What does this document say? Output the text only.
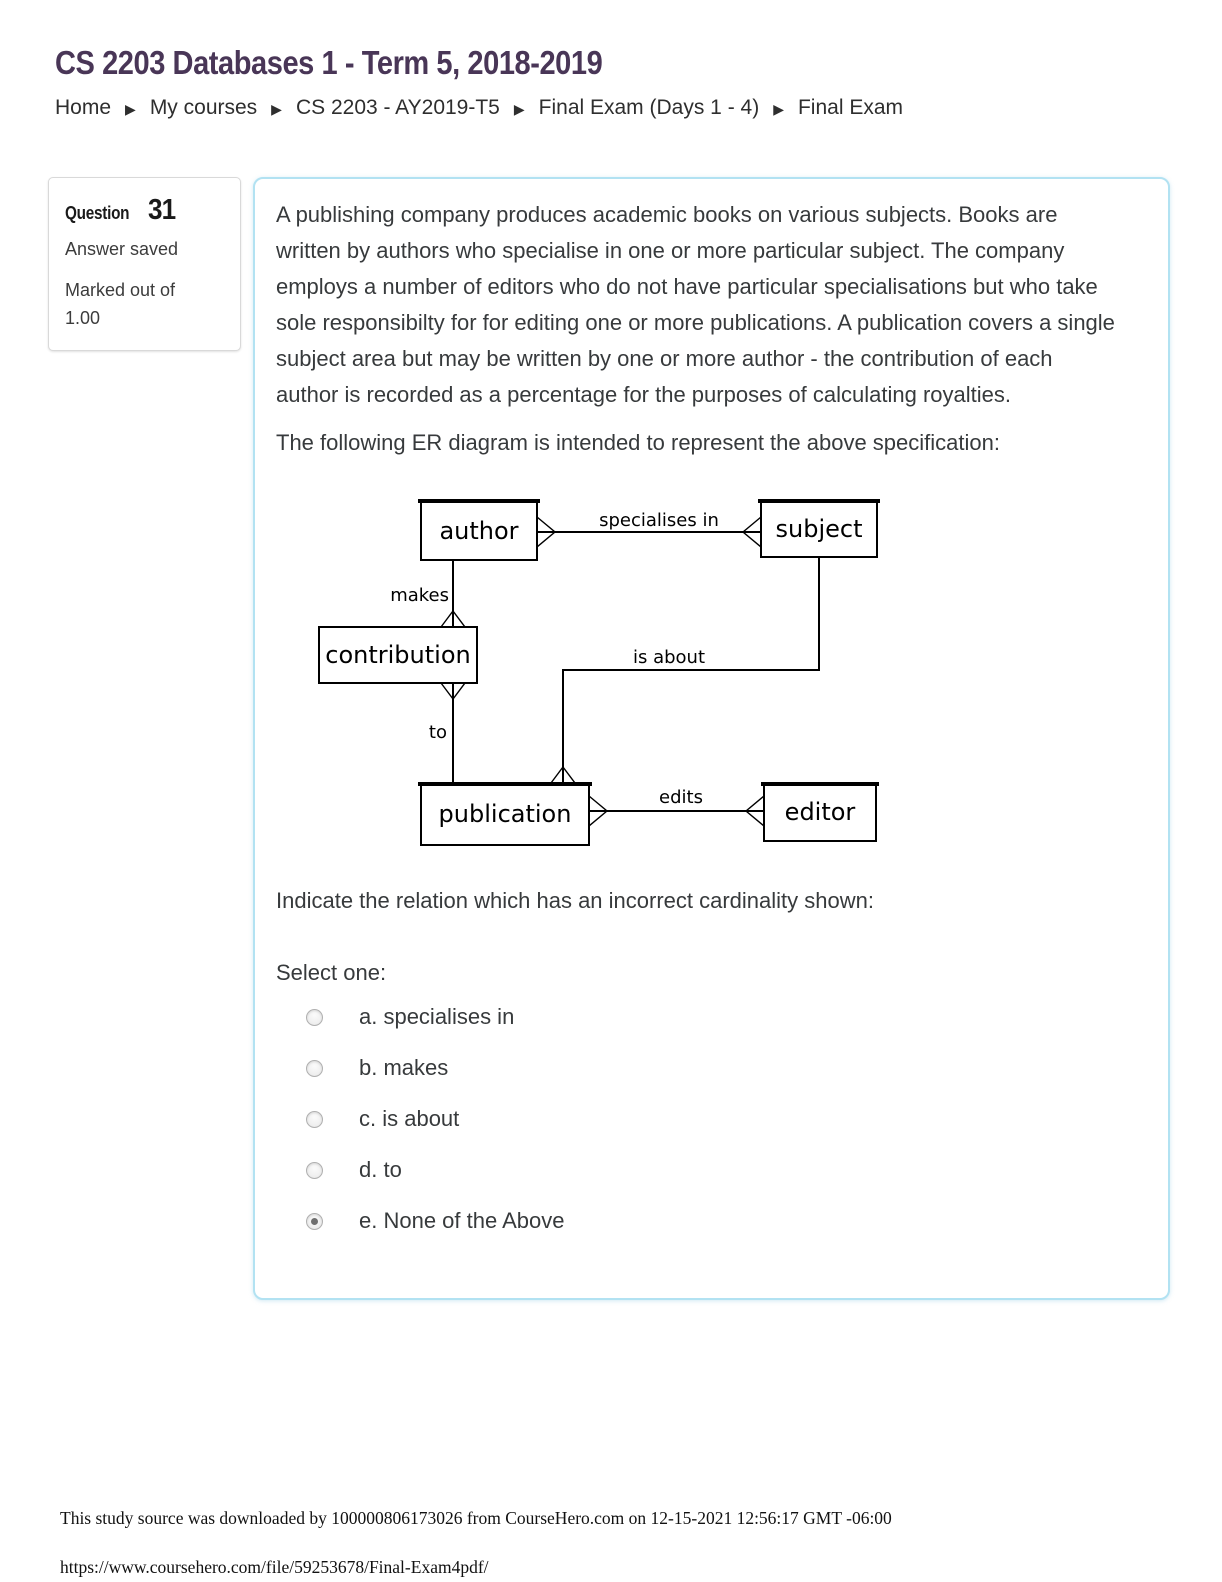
CS 2203 Databases 1 - Term 5, 2018-2019
Home ▶ My courses ▶ CS 2203 - AY2019-T5 ▶ Final Exam (Days 1 - 4) ▶ Final Exam
Question 31
Answer saved
Marked out of 1.00

A publishing company produces academic books on various subjects. Books are written by authors who specialise in one or more particular subject. The company employs a number of editors who do not have particular specialisations but who take sole responsibilty for for editing one or more publications. A publication covers a single subject area but may be written by one or more author - the contribution of each author is recorded as a percentage for the purposes of calculating royalties.

The following ER diagram is intended to represent the above specification:

author	subject
contribution
publication	editor
specialises in
makes
to
is about
edits

Indicate the relation which has an incorrect cardinality shown:

Select one:

a. specialises in
b. makes
c. is about
d. to
e. None of the Above
This study source was downloaded by 100000806173026 from CourseHero.com on 12-15-2021 12:56:17 GMT -06:00
https://www.coursehero.com/file/59253678/Final-Exam4pdf/
